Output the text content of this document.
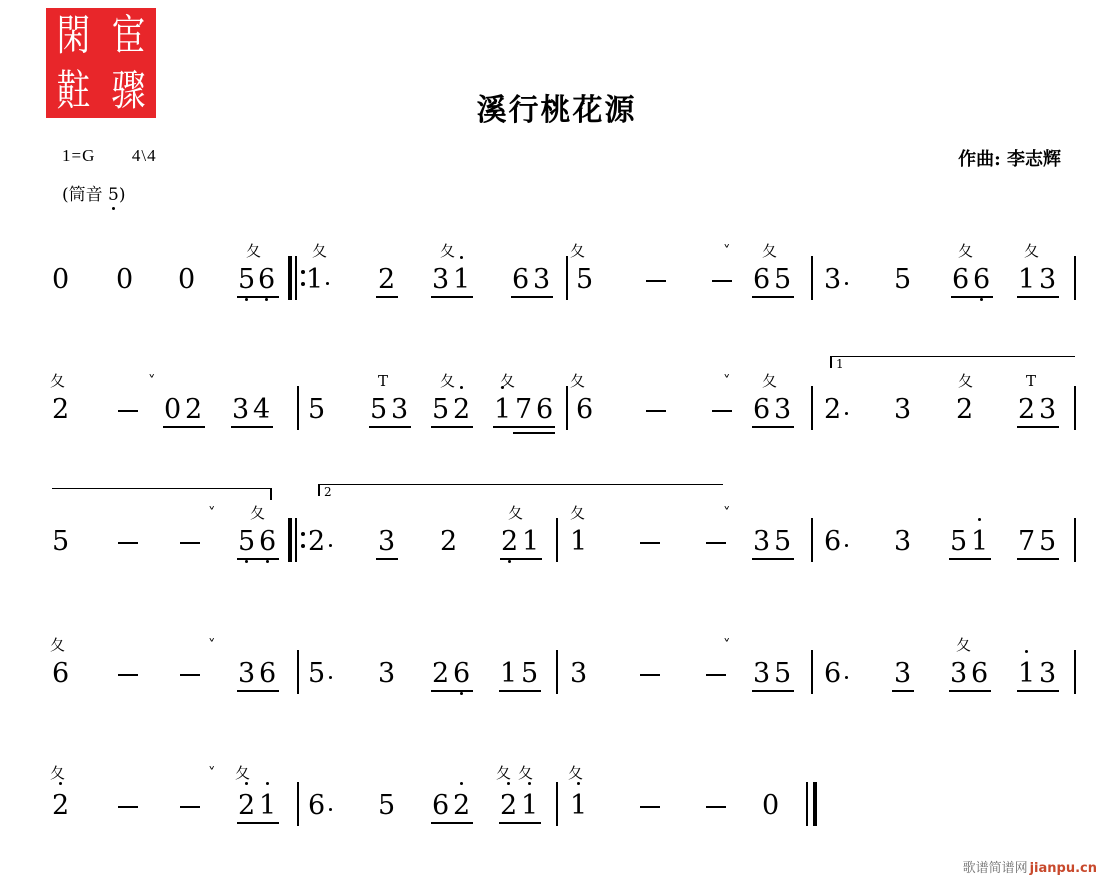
閑 宦
黈 骤	溪行桃花源
作曲: 李志辉
1=G 4\4
(筒音 5)
0 0 0 5 6
夂
1
夂
2 3 1
夂
6 3 5
夂
6 5
˅ 夂
3 5 6 6
夂
1 3
夂
2
夂
0 2
˅
3 4 5 5 3
T
5 2
夂
1 7 6
夂
6
夂
6 3
˅ 夂
1
2 3 2
夂
2 3
T
5	5 6
˅ 夂
2
2 3 2 2 1
夂
1
夂
3 5
˅
6 3 5 1 7 5
6
夂
3 6
˅
5 3 2 6 1 5 3	3 5
˅
6 3 3 6
夂
1 3
2
夂
2 1
˅ 夂
6 5 6 2 2 1
夂 夂
1
夂
0
歌谱简谱网 jianpu.cn
